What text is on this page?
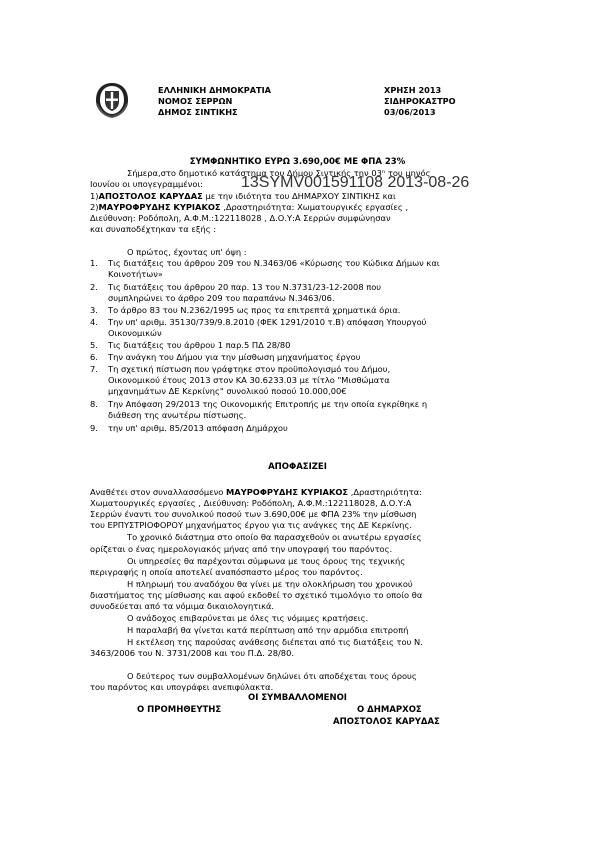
ΕΛΛΗΝΙΚΗ ΔΗΜΟΚΡΑΤΙΑ
ΝΟΜΟΣ ΣΕΡΡΩΝ
ΔΗΜΟΣ ΣΙΝΤΙΚΗΣ
ΧΡΗΣΗ 2013
ΣΙΔΗΡΟΚΑΣΤΡΟ
03/06/2013
ΣΥΜΦΩΝΗΤΙΚΟ ΕΥΡΩ 3.690,00€ ΜΕ ΦΠΑ 23%
Σήμερα,στο δημοτικό κατάστημα του Δήμου Σιντικής την 03ⁿ του μηνός
Ιουνίου οι υπογεγραμμένοι: 13SYMV001591108 2013-08-26
1)ΑΠΟΣΤΟΛΟΣ ΚΑΡΥΔΑΣ με την ιδιότητα του ΔΗΜΑΡΧΟΥ ΣΙΝΤΙΚΗΣ και
2)ΜΑΥΡΟΦΡΥΔΗΣ ΚΥΡΙΑΚΟΣ ,Δραστηριότητα: Χωματουργικές εργασίες ,
Διεύθυνση: Ροδόπολη, Α.Φ.Μ.:122118028 , Δ.Ο.Υ:Α Σερρών συμφώνησαν
και συναποδέχτηκαν τα εξής :
Ο πρώτος, έχοντας υπ' όψη :
1. Τις διατάξεις του άρθρου 209 του Ν.3463/06 «Κύρωσης του Κώδικα Δήμων και
Κοινοτήτων»
2. Τις διατάξεις του άρθρου 20 παρ. 13 του Ν.3731/23-12-2008 που
συμπληρώνει το άρθρο 209 του παραπάνω Ν.3463/06.
3. Το άρθρο 83 του Ν.2362/1995 ως προς τα επιτρεπτά χρηματικά όρια.
4. Την υπ' αριθμ. 35130/739/9.8.2010 (ΦΕΚ 1291/2010 τ.Β) απόφαση Υπουργού
Οικονομικών
5. Τις διατάξεις του άρθρου 1 παρ.5 ΠΔ 28/80
6. Την ανάγκη του Δήμου για την μίσθωση μηχανήματος έργου
7. Τη σχετική πίστωση που γράφτηκε στον προϋπολογισμό του Δήμου,
Οικονομικού έτους 2013 στον ΚΑ 30.6233.03 με τίτλο "Μισθώματα
μηχανημάτων ΔΕ Κερκίνης" συνολικού ποσού 10.000,00€
8. Την Απόφαση 29/2013 της Οικονομικής Επιτροπής με την οποία εγκρίθηκε η
διάθεση της ανωτέρω πίστωσης.
9. την υπ' αριθμ. 85/2013 απόφαση Δημάρχου
ΑΠΟΦΑΣΙΖΕΙ
Αναθέτει στον συναλλασσόμενο ΜΑΥΡΟΦΡΥΔΗΣ ΚΥΡΙΑΚΟΣ ,Δραστηριότητα:
Χωματουργικές εργασίες , Διεύθυνση: Ροδόπολη, Α.Φ.Μ.:122118028, Δ.Ο.Υ:Α
Σερρών έναντι του συνολικού ποσού των 3.690,00€ με ΦΠΑ 23% την μίσθωση
του ΕΡΠΥΣΤΡΙΟΦΟΡΟΥ μηχανήματος έργου για τις ανάγκες της ΔΕ Κερκίνης.
Το χρονικό διάστημα στο οποίο θα παρασχεθούν οι ανωτέρω εργασίες
ορίζεται ο ένας ημερολογιακός μήνας από την υπογραφή του παρόντος.
Οι υπηρεσίες θα παρέχονται σύμφωνα με τους όρους της τεχνικής
περιγραφής η οποία αποτελεί αναπόσπαστο μέρος του παρόντος.
Η πληρωμή του αναδόχου θα γίνει με την ολοκλήρωση του χρονικού
διαστήματος της μίσθωσης και αφού εκδοθεί το σχετικό τιμολόγιο το οποίο θα
συνοδεύεται από τα νόμιμα δικαιολογητικά.
Ο ανάδοχος επιβαρύνεται με όλες τις νόμιμες κρατήσεις.
Η παραλαβή θα γίνεται κατά περίπτωση από την αρμόδια επιτροπή
Η εκτέλεση της παρούσας ανάθεσης διέπεται από τις διατάξεις του Ν.
3463/2006 του Ν. 3731/2008 και του Π.Δ. 28/80.
Ο δεύτερος των συμβαλλομένων δηλώνει ότι αποδέχεται τους όρους
του παρόντος και υπογράφει ανεπιφύλακτα.
ΟΙ ΣΥΜΒΑΛΛΟΜΕΝΟΙ
Ο ΠΡΟΜΗΘΕΥΤΗΣ	Ο ΔΗΜΑΡΧΟΣ
ΑΠΟΣΤΟΛΟΣ ΚΑΡΥΔΑΣ
